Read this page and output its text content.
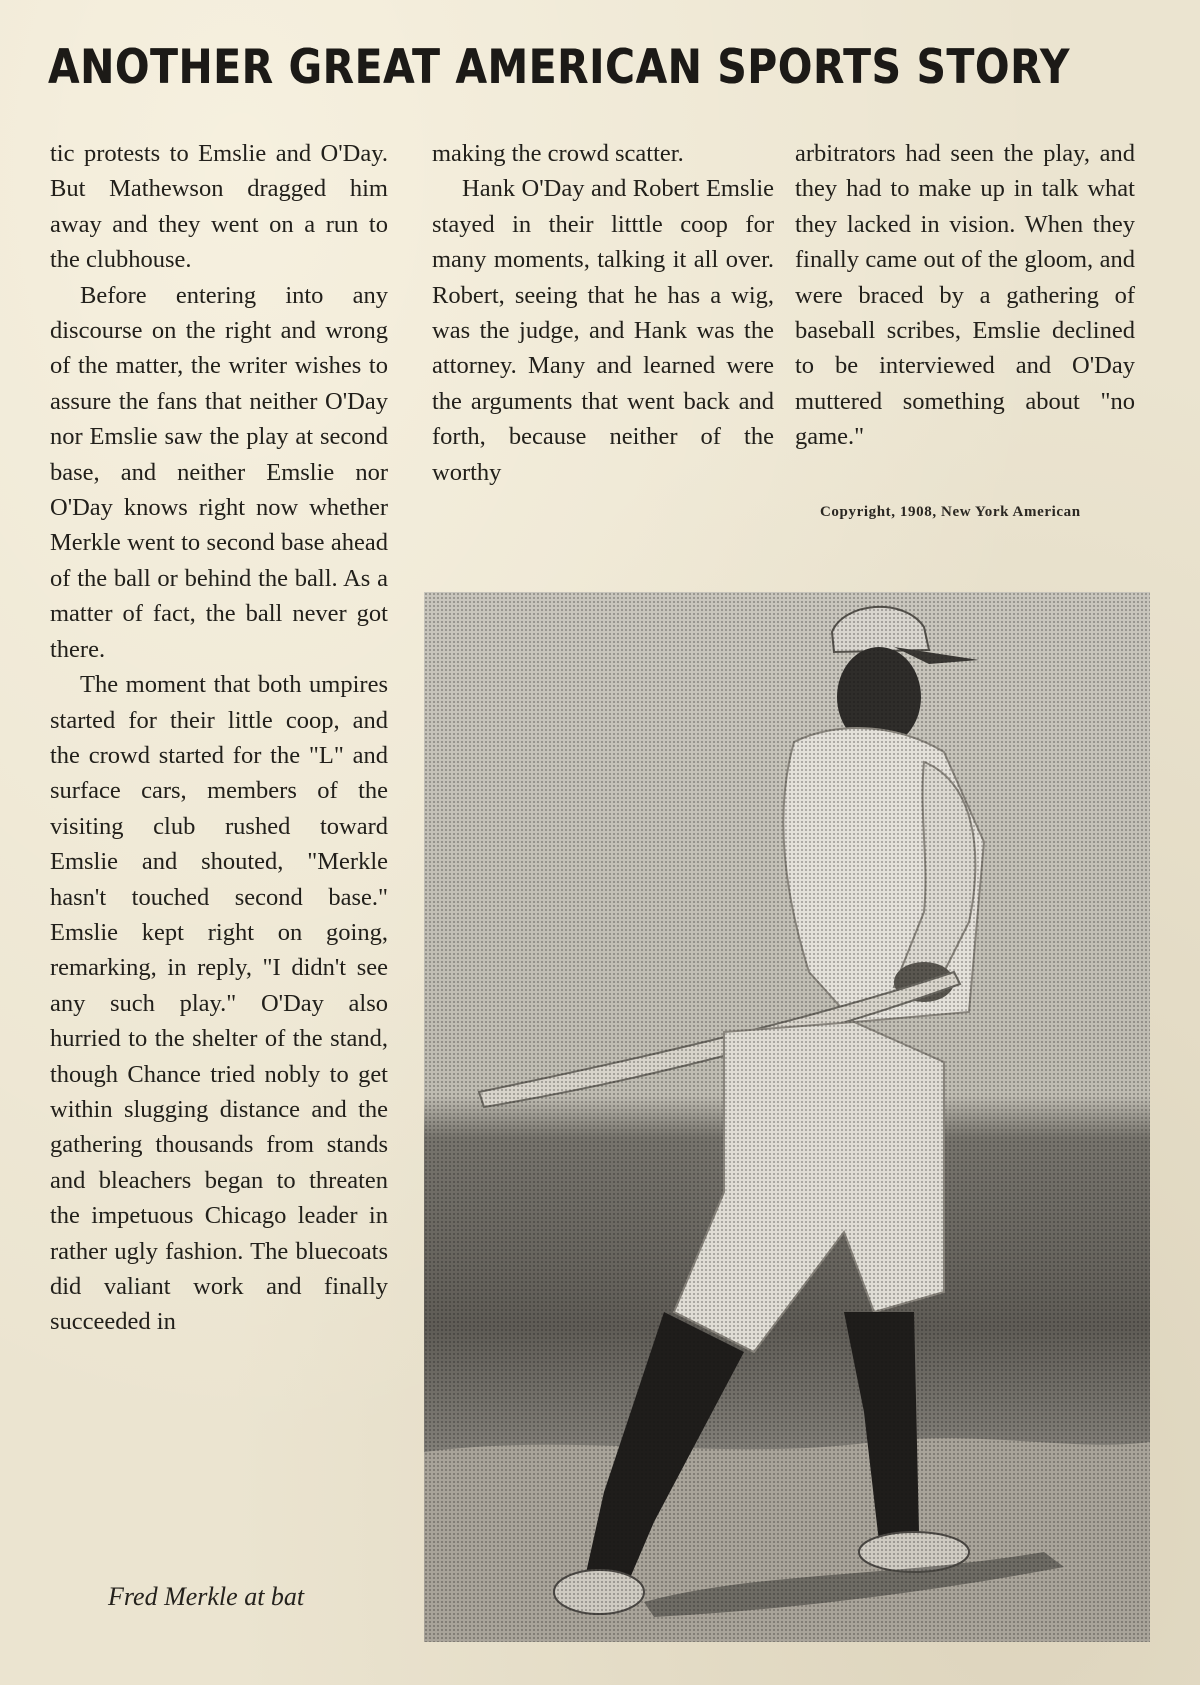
ANOTHER GREAT AMERICAN SPORTS STORY

tic protests to Emslie and O'Day. But Mathewson dragged him away and they went on a run to the clubhouse.

Before entering into any discourse on the right and wrong of the matter, the writer wishes to assure the fans that neither O'Day nor Emslie saw the play at second base, and neither Emslie nor O'Day knows right now whether Merkle went to second base ahead of the ball or behind the ball. As a matter of fact, the ball never got there.

The moment that both umpires started for their little coop, and the crowd started for the "L" and surface cars, members of the visiting club rushed toward Emslie and shouted, "Merkle hasn't touched second base." Emslie kept right on going, remarking, in reply, "I didn't see any such play." O'Day also hurried to the shelter of the stand, though Chance tried nobly to get within slugging distance and the gathering thousands from stands and bleachers began to threaten the impetuous Chicago leader in rather ugly fashion. The bluecoats did valiant work and finally succeeded in

making the crowd scatter.

Hank O'Day and Robert Emslie stayed in their litttle coop for many moments, talking it all over. Robert, seeing that he has a wig, was the judge, and Hank was the attorney. Many and learned were the arguments that went back and forth, because neither of the worthy

arbitrators had seen the play, and they had to make up in talk what they lacked in vision. When they finally came out of the gloom, and were braced by a gathering of baseball scribes, Emslie declined to be interviewed and O'Day muttered something about "no game."

Copyright, 1908, New York American
Fred Merkle at bat
